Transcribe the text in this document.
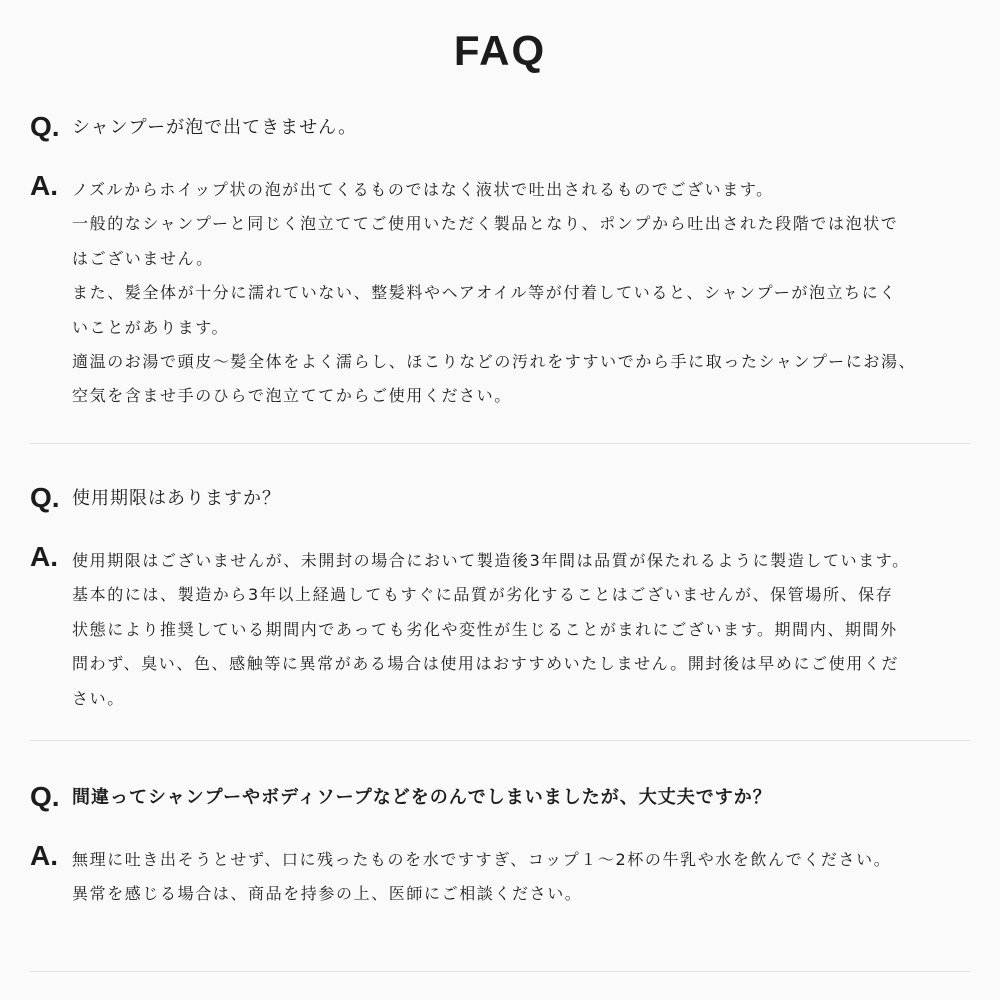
FAQ
Q. シャンプーが泡で出てきません。
A. ノズルからホイップ状の泡が出てくるものではなく液状で吐出されるものでございます。
一般的なシャンプーと同じく泡立ててご使用いただく製品となり、ポンプから吐出された段階では泡状で
はございません。
また、髪全体が十分に濡れていない、整髪料やヘアオイル等が付着していると、シャンプーが泡立ちにく
いことがあります。
適温のお湯で頭皮〜髪全体をよく濡らし、ほこりなどの汚れをすすいでから手に取ったシャンプーにお湯、
空気を含ませ手のひらで泡立ててからご使用ください。
Q. 使用期限はありますか？
A. 使用期限はございませんが、未開封の場合において製造後3年間は品質が保たれるように製造しています。
基本的には、製造から3年以上経過してもすぐに品質が劣化することはございませんが、保管場所、保存
状態により推奨している期間内であっても劣化や変性が生じることがまれにございます。期間内、期間外
問わず、臭い、色、感触等に異常がある場合は使用はおすすめいたしません。開封後は早めにご使用くだ
さい。
Q. 間違ってシャンプーやボディソープなどをのんでしまいましたが、大丈夫ですか？
A. 無理に吐き出そうとせず、口に残ったものを水ですすぎ、コップ１〜2杯の牛乳や水を飲んでください。
異常を感じる場合は、商品を持参の上、医師にご相談ください。
